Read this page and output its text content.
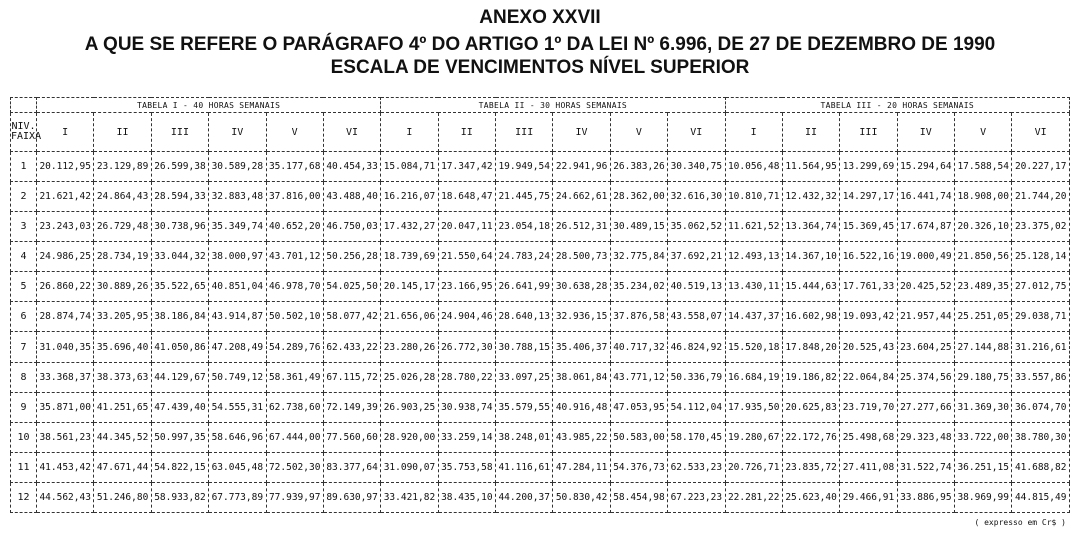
ANEXO XXVII
A QUE SE REFERE O PARÁGRAFO 4º DO ARTIGO 1º DA LEI Nº 6.996, DE 27 DE DEZEMBRO DE 1990
ESCALA DE VENCIMENTOS NÍVEL SUPERIOR
	TABELA I - 40 HORAS SEMANAIS						TABELA II - 30 HORAS SEMANAIS						TABELA III - 20 HORAS SEMANAIS					
NIV. FAIXA	I	II	III	IV	V	VI	I	II	III	IV	V	VI	I	II	III	IV	V	VI
1	20.112,95	23.129,89	26.599,38	30.589,28	35.177,68	40.454,33	15.084,71	17.347,42	19.949,54	22.941,96	26.383,26	30.340,75	10.056,48	11.564,95	13.299,69	15.294,64	17.588,54	20.227,17
2	21.621,42	24.864,43	28.594,33	32.883,48	37.816,00	43.488,40	16.216,07	18.648,47	21.445,75	24.662,61	28.362,00	32.616,30	10.810,71	12.432,32	14.297,17	16.441,74	18.908,00	21.744,20
3	23.243,03	26.729,48	30.738,96	35.349,74	40.652,20	46.750,03	17.432,27	20.047,11	23.054,18	26.512,31	30.489,15	35.062,52	11.621,52	13.364,74	15.369,45	17.674,87	20.326,10	23.375,02
4	24.986,25	28.734,19	33.044,32	38.000,97	43.701,12	50.256,28	18.739,69	21.550,64	24.783,24	28.500,73	32.775,84	37.692,21	12.493,13	14.367,10	16.522,16	19.000,49	21.850,56	25.128,14
5	26.860,22	30.889,26	35.522,65	40.851,04	46.978,70	54.025,50	20.145,17	23.166,95	26.641,99	30.638,28	35.234,02	40.519,13	13.430,11	15.444,63	17.761,33	20.425,52	23.489,35	27.012,75
6	28.874,74	33.205,95	38.186,84	43.914,87	50.502,10	58.077,42	21.656,06	24.904,46	28.640,13	32.936,15	37.876,58	43.558,07	14.437,37	16.602,98	19.093,42	21.957,44	25.251,05	29.038,71
7	31.040,35	35.696,40	41.050,86	47.208,49	54.289,76	62.433,22	23.280,26	26.772,30	30.788,15	35.406,37	40.717,32	46.824,92	15.520,18	17.848,20	20.525,43	23.604,25	27.144,88	31.216,61
8	33.368,37	38.373,63	44.129,67	50.749,12	58.361,49	67.115,72	25.026,28	28.780,22	33.097,25	38.061,84	43.771,12	50.336,79	16.684,19	19.186,82	22.064,84	25.374,56	29.180,75	33.557,86
9	35.871,00	41.251,65	47.439,40	54.555,31	62.738,60	72.149,39	26.903,25	30.938,74	35.579,55	40.916,48	47.053,95	54.112,04	17.935,50	20.625,83	23.719,70	27.277,66	31.369,30	36.074,70
10	38.561,23	44.345,52	50.997,35	58.646,96	67.444,00	77.560,60	28.920,00	33.259,14	38.248,01	43.985,22	50.583,00	58.170,45	19.280,67	22.172,76	25.498,68	29.323,48	33.722,00	38.780,30
11	41.453,42	47.671,44	54.822,15	63.045,48	72.502,30	83.377,64	31.090,07	35.753,58	41.116,61	47.284,11	54.376,73	62.533,23	20.726,71	23.835,72	27.411,08	31.522,74	36.251,15	41.688,82
12	44.562,43	51.246,80	58.933,82	67.773,89	77.939,97	89.630,97	33.421,82	38.435,10	44.200,37	50.830,42	58.454,98	67.223,23	22.281,22	25.623,40	29.466,91	33.886,95	38.969,99	44.815,49
( expresso em Cr$ )
